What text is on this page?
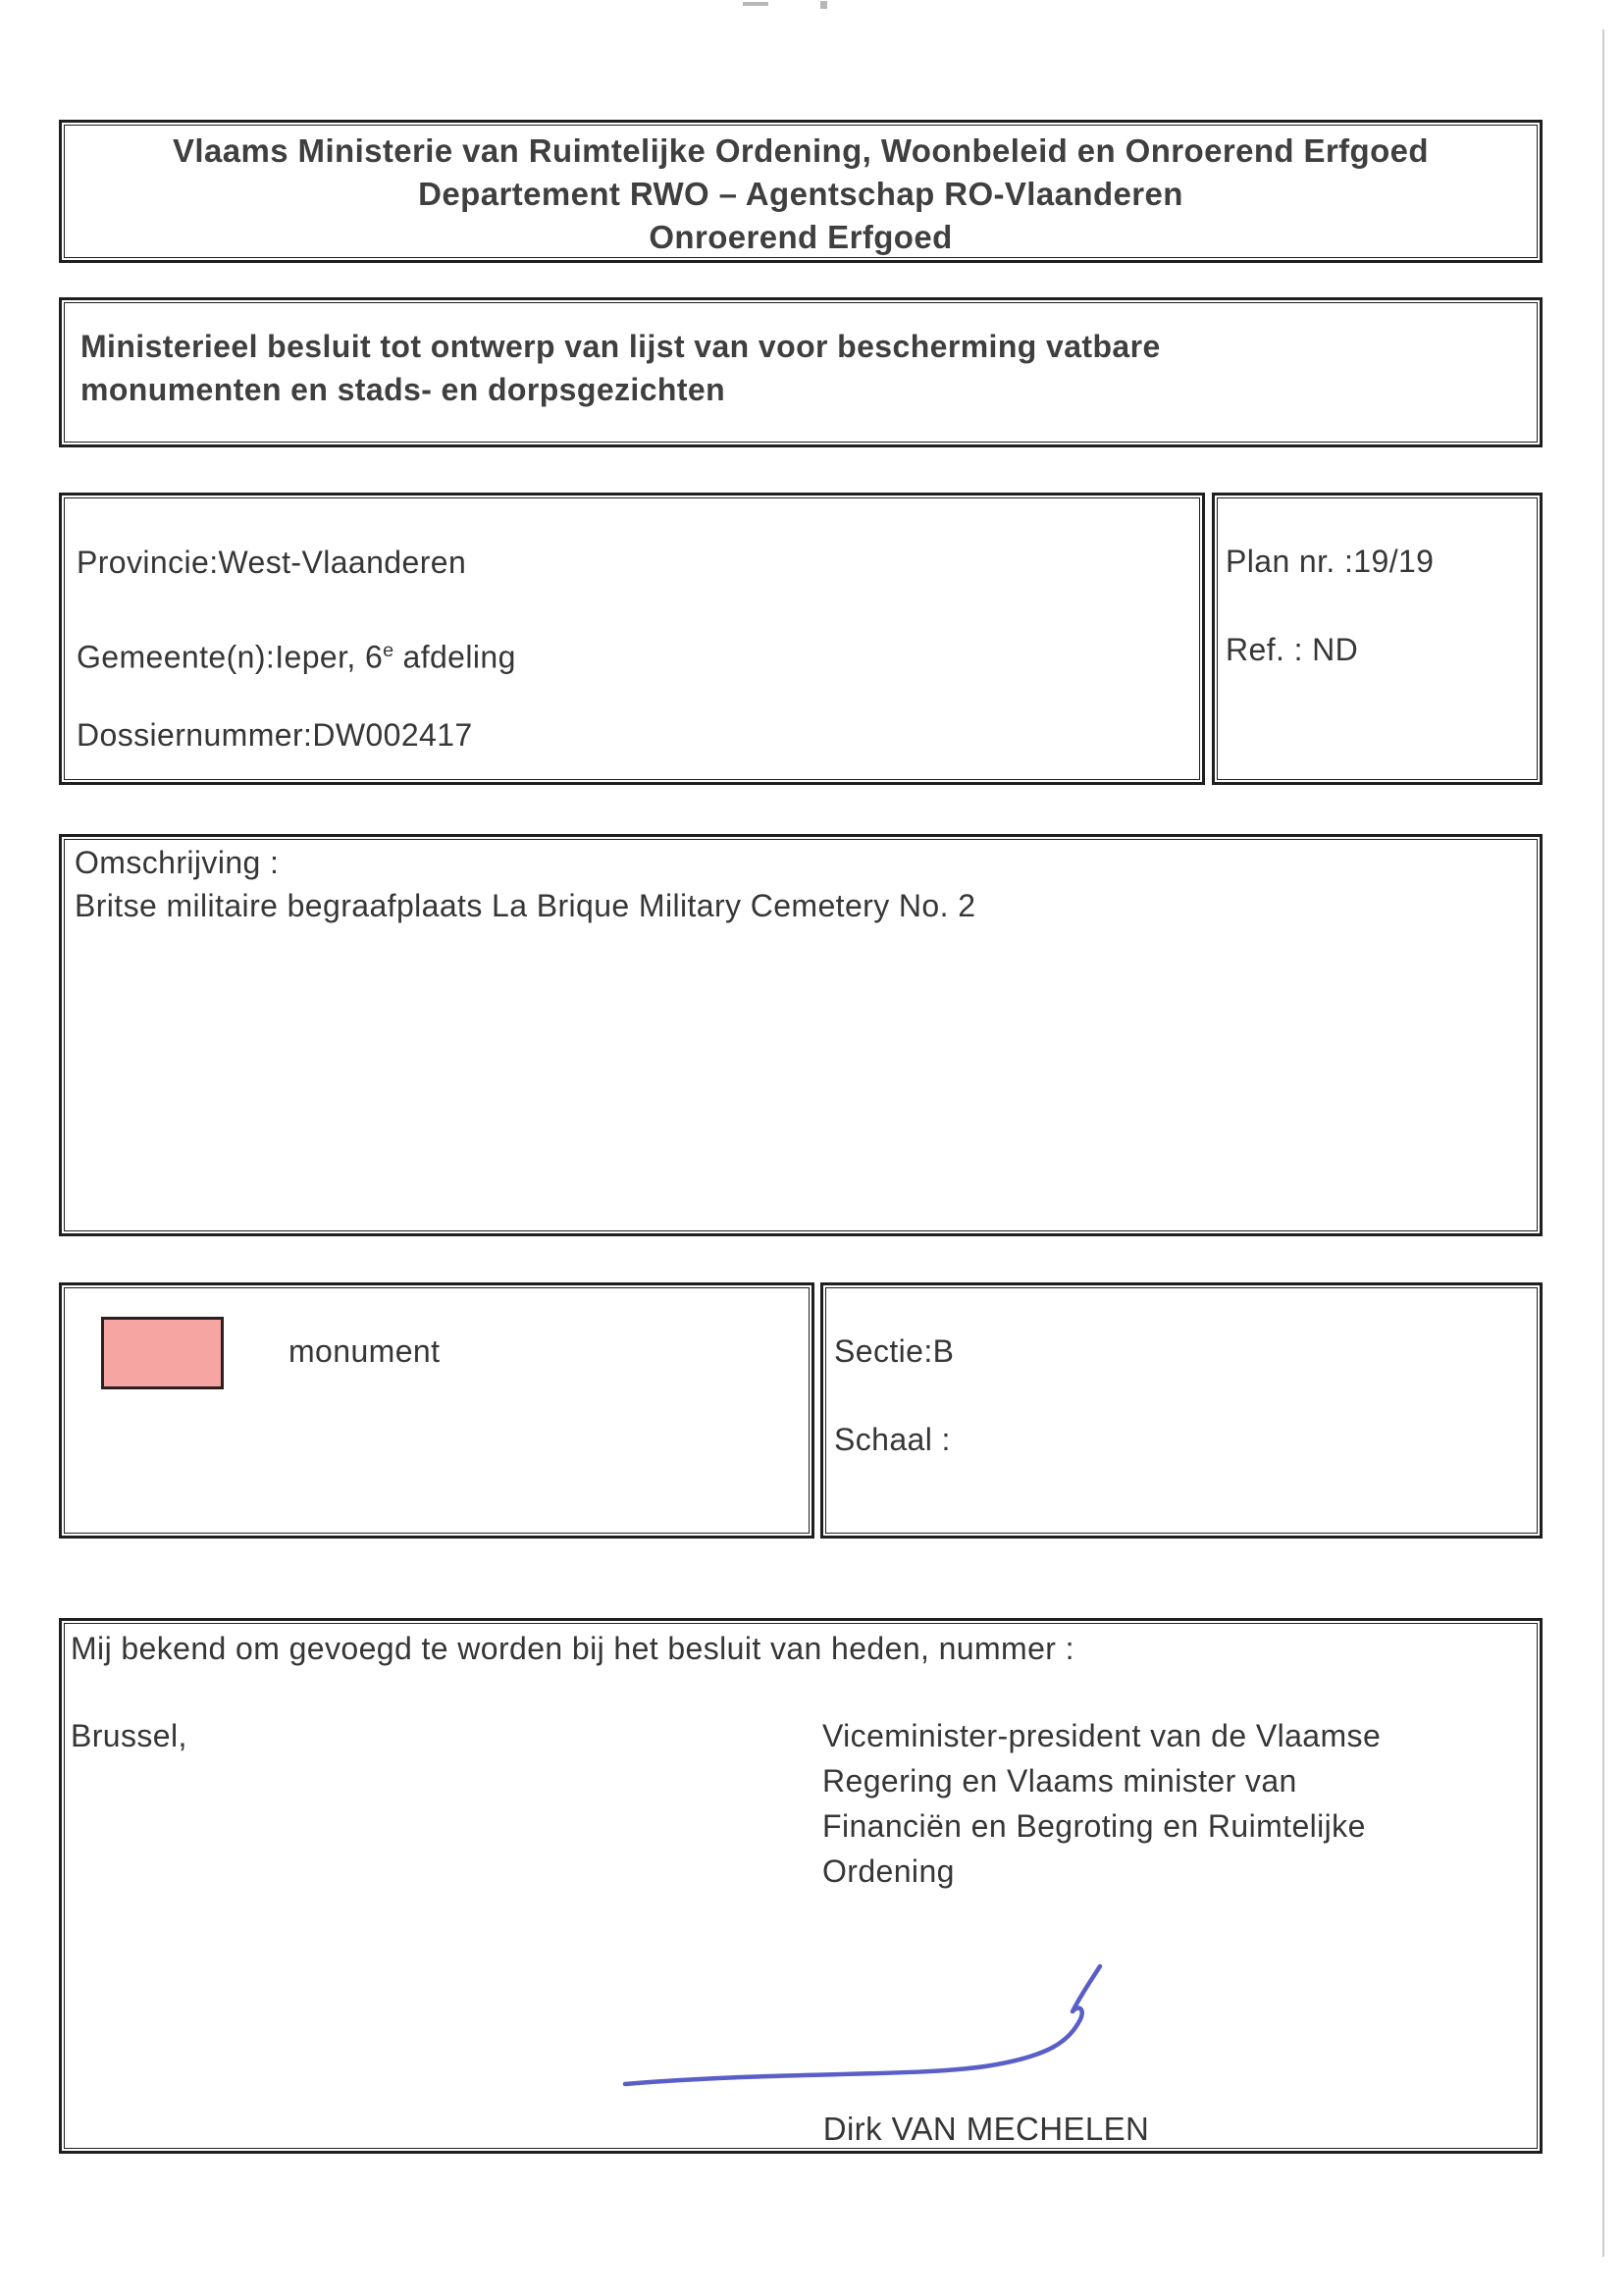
Vlaams Ministerie van Ruimtelijke Ordening, Woonbeleid en Onroerend Erfgoed
Departement RWO – Agentschap RO-Vlaanderen
Onroerend Erfgoed
Ministerieel besluit tot ontwerp van lijst van voor bescherming vatbare
monumenten en stads- en dorpsgezichten
Provincie:West-Vlaanderen
Gemeente(n):Ieper, 6e afdeling
Dossiernummer:DW002417
Plan nr. :19/19
Ref. : ND
Omschrijving :
Britse militaire begraafplaats La Brique Military Cemetery No. 2
monument	Sectie:B
Schaal :
Mij bekend om gevoegd te worden bij het besluit van heden, nummer :
Brussel,	Viceminister-president van de Vlaamse
Regering en Vlaams minister van
Financiën en Begroting en Ruimtelijke
Ordening
Dirk VAN MECHELEN
